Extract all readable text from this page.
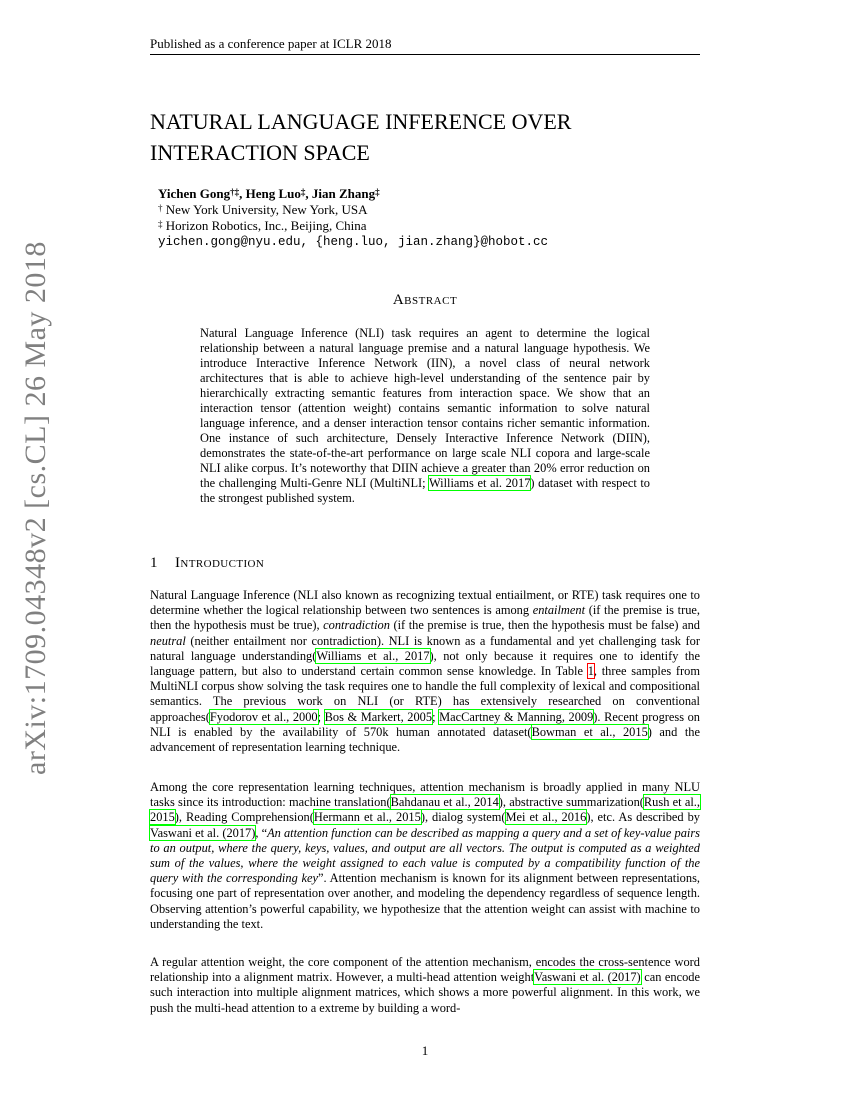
Published as a conference paper at ICLR 2018
arXiv:1709.04348v2 [cs.CL] 26 May 2018
NATURAL LANGUAGE INFERENCE OVER
INTERACTION SPACE
Yichen Gong†‡, Heng Luo‡, Jian Zhang‡
† New York University, New York, USA
‡ Horizon Robotics, Inc., Beijing, China
yichen.gong@nyu.edu, {heng.luo, jian.zhang}@hobot.cc
Abstract
Natural Language Inference (NLI) task requires an agent to determine the logical relationship between a natural language premise and a natural language hypothesis. We introduce Interactive Inference Network (IIN), a novel class of neural network architectures that is able to achieve high-level understanding of the sentence pair by hierarchically extracting semantic features from interaction space. We show that an interaction tensor (attention weight) contains semantic information to solve natural language inference, and a denser interaction tensor contains richer semantic information. One instance of such architecture, Densely Interactive Inference Network (DIIN), demonstrates the state-of-the-art performance on large scale NLI copora and large-scale NLI alike corpus. It’s noteworthy that DIIN achieve a greater than 20% error reduction on the challenging Multi-Genre NLI (MultiNLI; Williams et al. 2017) dataset with respect to the strongest published system.
1 Introduction
Natural Language Inference (NLI also known as recognizing textual entiailment, or RTE) task requires one to determine whether the logical relationship between two sentences is among entailment (if the premise is true, then the hypothesis must be true), contradiction (if the premise is true, then the hypothesis must be false) and neutral (neither entailment nor contradiction). NLI is known as a fundamental and yet challenging task for natural language understanding(Williams et al., 2017), not only because it requires one to identify the language pattern, but also to understand certain common sense knowledge. In Table 1, three samples from MultiNLI corpus show solving the task requires one to handle the full complexity of lexical and compositional semantics. The previous work on NLI (or RTE) has extensively researched on conventional approaches(Fyodorov et al., 2000; Bos & Markert, 2005; MacCartney & Manning, 2009). Recent progress on NLI is enabled by the availability of 570k human annotated dataset(Bowman et al., 2015) and the advancement of representation learning technique.
Among the core representation learning techniques, attention mechanism is broadly applied in many NLU tasks since its introduction: machine translation(Bahdanau et al., 2014), abstractive summarization(Rush et al., 2015), Reading Comprehension(Hermann et al., 2015), dialog system(Mei et al., 2016), etc. As described by Vaswani et al. (2017), “An attention function can be described as mapping a query and a set of key-value pairs to an output, where the query, keys, values, and output are all vectors. The output is computed as a weighted sum of the values, where the weight assigned to each value is computed by a compatibility function of the query with the corresponding key”. Attention mechanism is known for its alignment between representations, focusing one part of representation over another, and modeling the dependency regardless of sequence length. Observing attention’s powerful capability, we hypothesize that the attention weight can assist with machine to understanding the text.
A regular attention weight, the core component of the attention mechanism, encodes the cross-sentence word relationship into a alignment matrix. However, a multi-head attention weightVaswani et al. (2017) can encode such interaction into multiple alignment matrices, which shows a more powerful alignment. In this work, we push the multi-head attention to a extreme by building a word-
1
